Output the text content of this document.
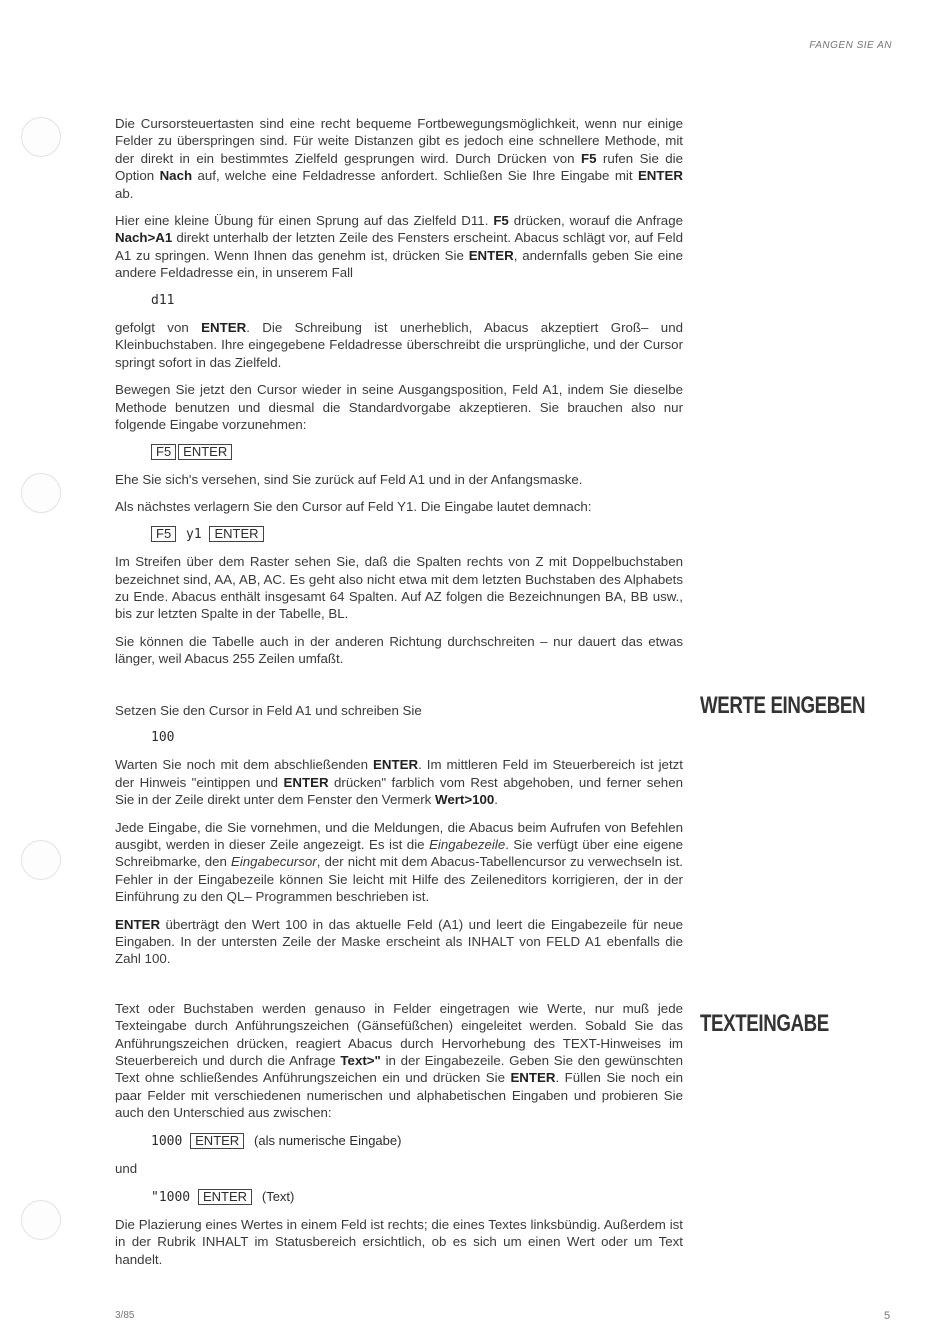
FANGEN SIE AN
WERTE EINGEBEN
TEXTEINGABE

Die Cursorsteuertasten sind eine recht bequeme Fortbewegungsmöglichkeit, wenn nur einige Felder zu überspringen sind. Für weite Distanzen gibt es jedoch eine schnellere Methode, mit der direkt in ein bestimmtes Zielfeld gesprungen wird. Durch Drücken von F5 rufen Sie die Option Nach auf, welche eine Feldadresse anfordert. Schließen Sie Ihre Eingabe mit ENTER ab.

Hier eine kleine Übung für einen Sprung auf das Zielfeld D11. F5 drücken, worauf die Anfrage Nach>A1 direkt unterhalb der letzten Zeile des Fensters erscheint. Abacus schlägt vor, auf Feld A1 zu springen. Wenn Ihnen das genehm ist, drücken Sie ENTER, andernfalls geben Sie eine andere Feldadresse ein, in unserem Fall

d11

gefolgt von ENTER. Die Schreibung ist unerheblich, Abacus akzeptiert Groß– und Kleinbuchstaben. Ihre eingegebene Feldadresse überschreibt die ursprüngliche, und der Cursor springt sofort in das Zielfeld.

Bewegen Sie jetzt den Cursor wieder in seine Ausgangsposition, Feld A1, indem Sie dieselbe Methode benutzen und diesmal die Standardvorgabe akzeptieren. Sie brauchen also nur folgende Eingabe vorzunehmen:

F5 ENTER

Ehe Sie sich's versehen, sind Sie zurück auf Feld A1 und in der Anfangsmaske.

Als nächstes verlagern Sie den Cursor auf Feld Y1. Die Eingabe lautet demnach:

F5 y1 ENTER

Im Streifen über dem Raster sehen Sie, daß die Spalten rechts von Z mit Doppelbuchstaben bezeichnet sind, AA, AB, AC. Es geht also nicht etwa mit dem letzten Buchstaben des Alphabets zu Ende. Abacus enthält insgesamt 64 Spalten. Auf AZ folgen die Bezeichnungen BA, BB usw., bis zur letzten Spalte in der Tabelle, BL.

Sie können die Tabelle auch in der anderen Richtung durchschreiten – nur dauert das etwas länger, weil Abacus 255 Zeilen umfaßt.

Setzen Sie den Cursor in Feld A1 und schreiben Sie

100

Warten Sie noch mit dem abschließenden ENTER. Im mittleren Feld im Steuerbereich ist jetzt der Hinweis "eintippen und ENTER drücken" farblich vom Rest abgehoben, und ferner sehen Sie in der Zeile direkt unter dem Fenster den Vermerk Wert>100.

Jede Eingabe, die Sie vornehmen, und die Meldungen, die Abacus beim Aufrufen von Befehlen ausgibt, werden in dieser Zeile angezeigt. Es ist die Eingabezeile. Sie verfügt über eine eigene Schreibmarke, den Eingabecursor, der nicht mit dem Abacus-Tabellencursor zu verwechseln ist. Fehler in der Eingabezeile können Sie leicht mit Hilfe des Zeileneditors korrigieren, der in der Einführung zu den QL– Programmen beschrieben ist.

ENTER überträgt den Wert 100 in das aktuelle Feld (A1) und leert die Eingabezeile für neue Eingaben. In der untersten Zeile der Maske erscheint als INHALT von FELD A1 ebenfalls die Zahl 100.

Text oder Buchstaben werden genauso in Felder eingetragen wie Werte, nur muß jede Texteingabe durch Anführungszeichen (Gänsefüßchen) eingeleitet werden. Sobald Sie das Anführungszeichen drücken, reagiert Abacus durch Hervorhebung des TEXT-Hinweises im Steuerbereich und durch die Anfrage Text>" in der Eingabezeile. Geben Sie den gewünschten Text ohne schließendes Anführungszeichen ein und drücken Sie ENTER. Füllen Sie noch ein paar Felder mit verschiedenen numerischen und alphabetischen Eingaben und probieren Sie auch den Unterschied aus zwischen:

1000 ENTER (als numerische Eingabe)

und

"1000 ENTER (Text)

Die Plazierung eines Wertes in einem Feld ist rechts; die eines Textes linksbündig. Außerdem ist in der Rubrik INHALT im Statusbereich ersichtlich, ob es sich um einen Wert oder um Text handelt.

3/85	5
